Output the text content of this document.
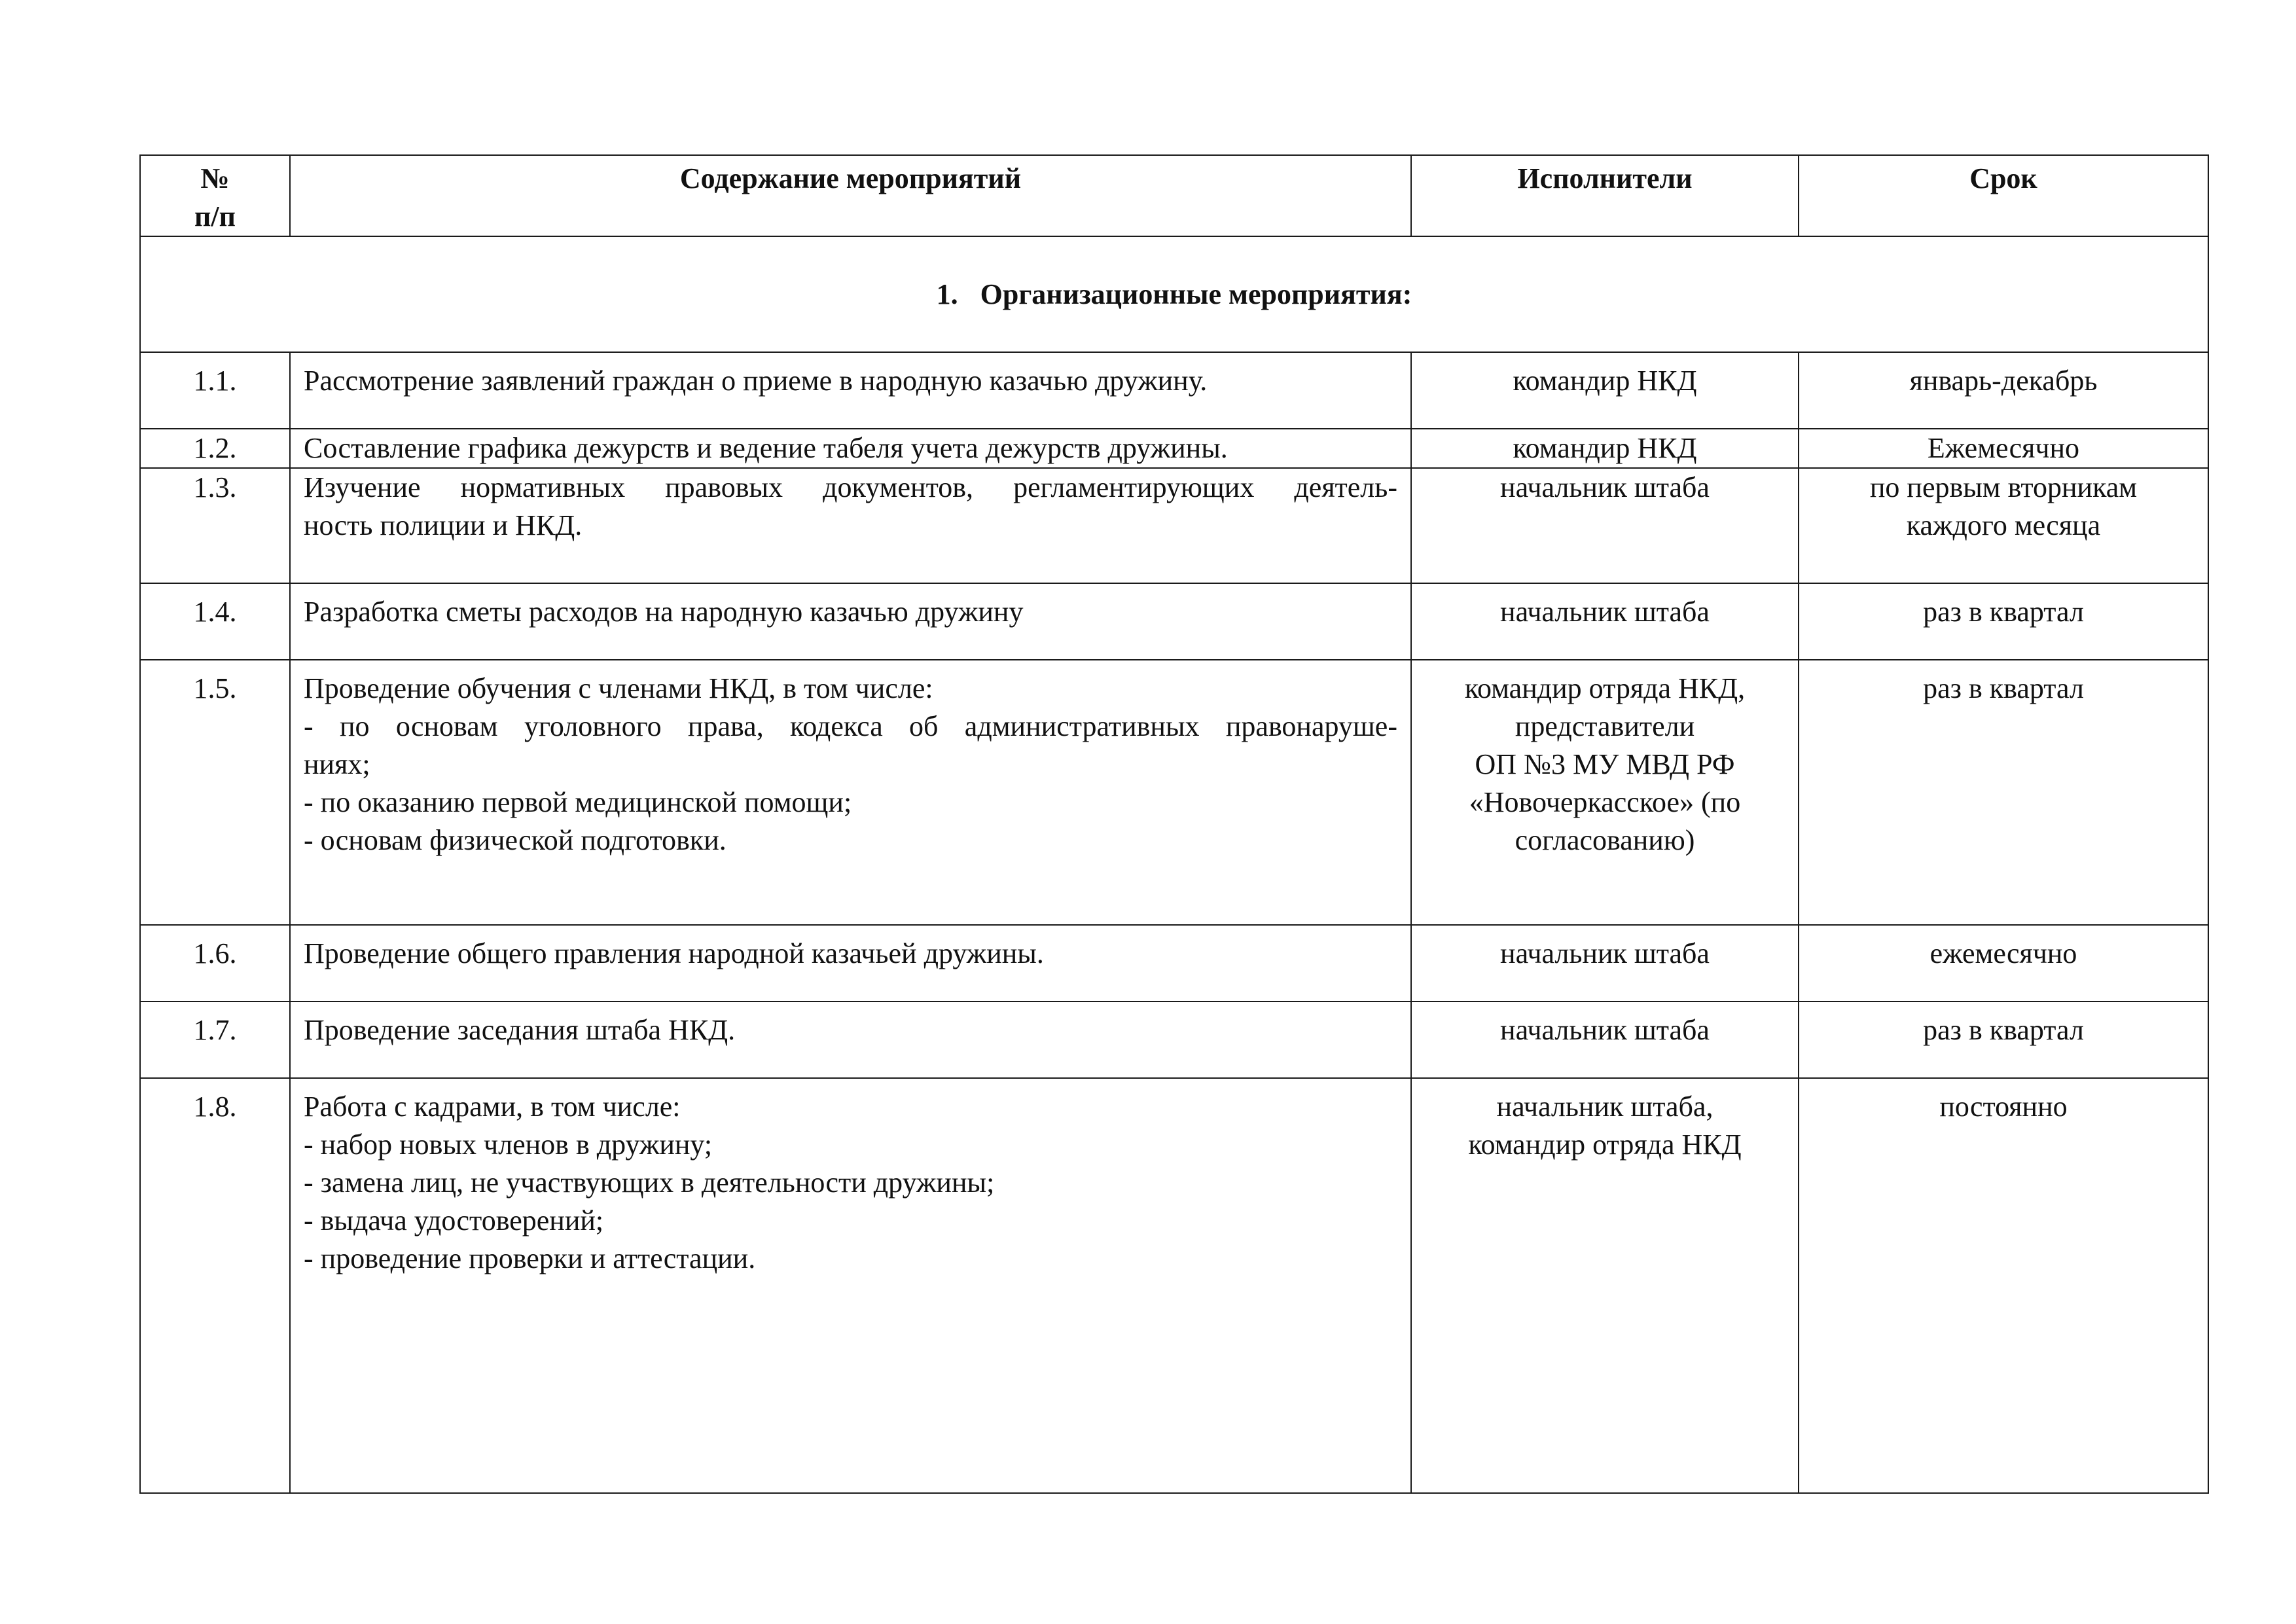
№
п/п	Содержание мероприятий	Исполнители	Срок
1. Организационные мероприятия:			
1.1.	Рассмотрение заявлений граждан о приеме в народную казачью дружину.	командир НКД	январь-декабрь

1.2.	Составление графика дежурств и ведение табеля учета дежурств дружины.	командир НКД	Ежемесячно

1.3.	Изучение нормативных правовых документов, регламентирующих деятель-
ность полиции и НКД.	начальник штаба	по первым вторникам
каждого месяца

1.4.	Разработка сметы расходов на народную казачью дружину	начальник штаба	раз в квартал

1.5.	Проведение обучения с членами НКД, в том числе:
- по основам уголовного права, кодекса об административных правонаруше-
ниях;
- по оказанию первой медицинской помощи;
- основам физической подготовки.	командир отряда НКД,
представители
ОП №3 МУ МВД РФ
«Новочеркасское» (по
согласованию)	раз в квартал

1.6.	Проведение общего правления народной казачьей дружины.	начальник штаба	ежемесячно

1.7.	Проведение заседания штаба НКД.	начальник штаба	раз в квартал

1.8.	Работа с кадрами, в том числе:
- набор новых членов в дружину;
- замена лиц, не участвующих в деятельности дружины;
- выдача удостоверений;
- проведение проверки и аттестации.	начальник штаба,
командир отряда НКД	постоянно
